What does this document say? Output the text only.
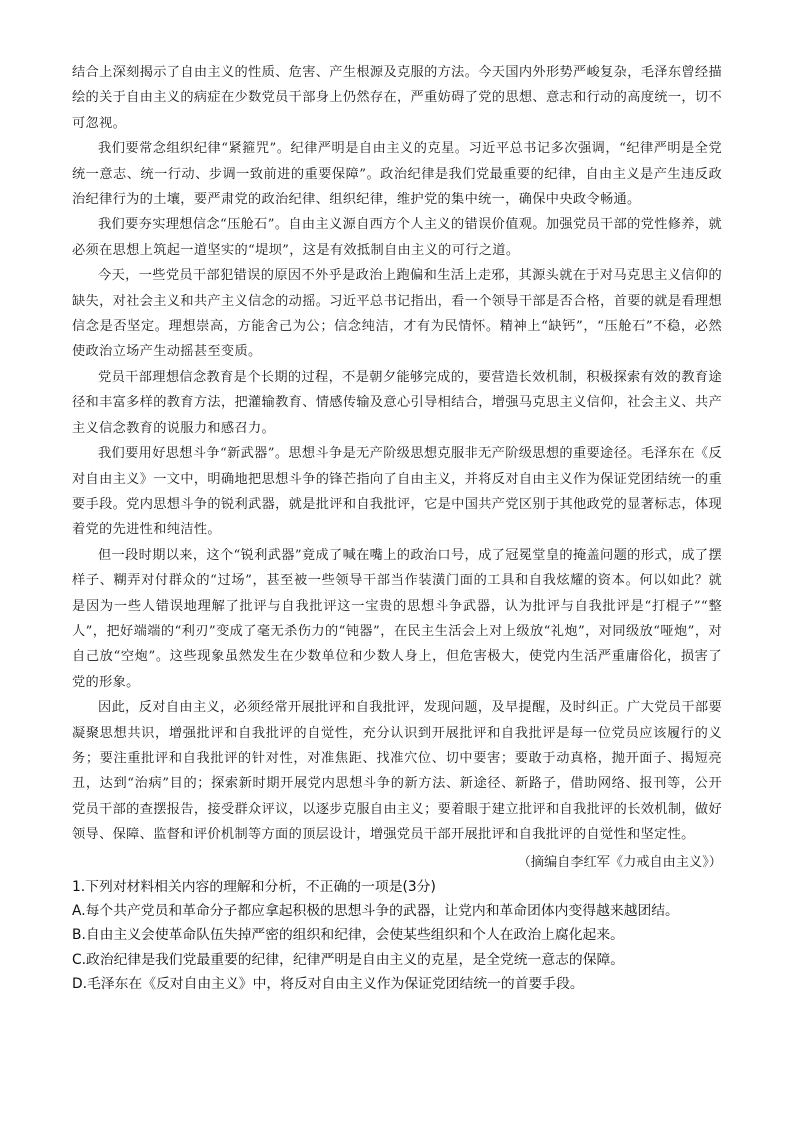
结合上深刻揭示了自由主义的性质、危害、产生根源及克服的方法。今天国内外形势严峻复杂，毛泽东曾经描绘的关于自由主义的病症在少数党员干部身上仍然存在，严重妨碍了党的思想、意志和行动的高度统一，切不可忽视。

我们要常念组织纪律“紧箍咒”。纪律严明是自由主义的克星。习近平总书记多次强调，“纪律严明是全党统一意志、统一行动、步调一致前进的重要保障”。政治纪律是我们党最重要的纪律，自由主义是产生违反政治纪律行为的土壤，要严肃党的政治纪律、组织纪律，维护党的集中统一，确保中央政令畅通。

我们要夯实理想信念“压舱石”。自由主义源自西方个人主义的错误价值观。加强党员干部的党性修养，就必须在思想上筑起一道坚实的“堤坝”，这是有效抵制自由主义的可行之道。

今天，一些党员干部犯错误的原因不外乎是政治上跑偏和生活上走邪，其源头就在于对马克思主义信仰的缺失，对社会主义和共产主义信念的动摇。习近平总书记指出，看一个领导干部是否合格，首要的就是看理想信念是否坚定。理想崇高，方能舍己为公；信念纯洁，才有为民情怀。精神上“缺钙”，“压舱石”不稳，必然使政治立场产生动摇甚至变质。

党员干部理想信念教育是个长期的过程，不是朝夕能够完成的，要营造长效机制，积极探索有效的教育途径和丰富多样的教育方法，把灌输教育、情感传输及意心引导相结合，增强马克思主义信仰，社会主义、共产主义信念教育的说服力和感召力。

我们要用好思想斗争“新武器”。思想斗争是无产阶级思想克服非无产阶级思想的重要途径。毛泽东在《反对自由主义》一文中，明确地把思想斗争的锋芒指向了自由主义，并将反对自由主义作为保证党团结统一的重要手段。党内思想斗争的锐利武器，就是批评和自我批评，它是中国共产党区别于其他政党的显著标志，体现着党的先进性和纯洁性。

但一段时期以来，这个“锐利武器”竟成了喊在嘴上的政治口号，成了冠冕堂皇的掩盖问题的形式，成了摆样子、糊弄对付群众的“过场”，甚至被一些领导干部当作装潢门面的工具和自我炫耀的资本。何以如此？就是因为一些人错误地理解了批评与自我批评这一宝贵的思想斗争武器，认为批评与自我批评是“打棍子”“整人”，把好端端的“利刃”变成了毫无杀伤力的“钝器”，在民主生活会上对上级放“礼炮”，对同级放“哑炮”，对自己放“空炮”。这些现象虽然发生在少数单位和少数人身上，但危害极大，使党内生活严重庸俗化，损害了党的形象。

因此，反对自由主义，必须经常开展批评和自我批评，发现问题，及早提醒，及时纠正。广大党员干部要凝聚思想共识，增强批评和自我批评的自觉性，充分认识到开展批评和自我批评是每一位党员应该履行的义务；要注重批评和自我批评的针对性，对准焦距、找准穴位、切中要害；要敢于动真格，抛开面子、揭短亮丑，达到“治病”目的；探索新时期开展党内思想斗争的新方法、新途径、新路子，借助网络、报刊等，公开党员干部的查摆报告，接受群众评议，以逐步克服自由主义；要着眼于建立批评和自我批评的长效机制，做好领导、保障、监督和评价机制等方面的顶层设计，增强党员干部开展批评和自我批评的自觉性和坚定性。

（摘编自李红军《力戒自由主义》）

1.下列对材料相关内容的理解和分析，不正确的一项是(3分)

A.每个共产党员和革命分子都应拿起积极的思想斗争的武器，让党内和革命团体内变得越来越团结。

B.自由主义会使革命队伍失掉严密的组织和纪律，会使某些组织和个人在政治上腐化起来。

C.政治纪律是我们党最重要的纪律，纪律严明是自由主义的克星，是全党统一意志的保障。

D.毛泽东在《反对自由主义》中，将反对自由主义作为保证党团结统一的首要手段。
